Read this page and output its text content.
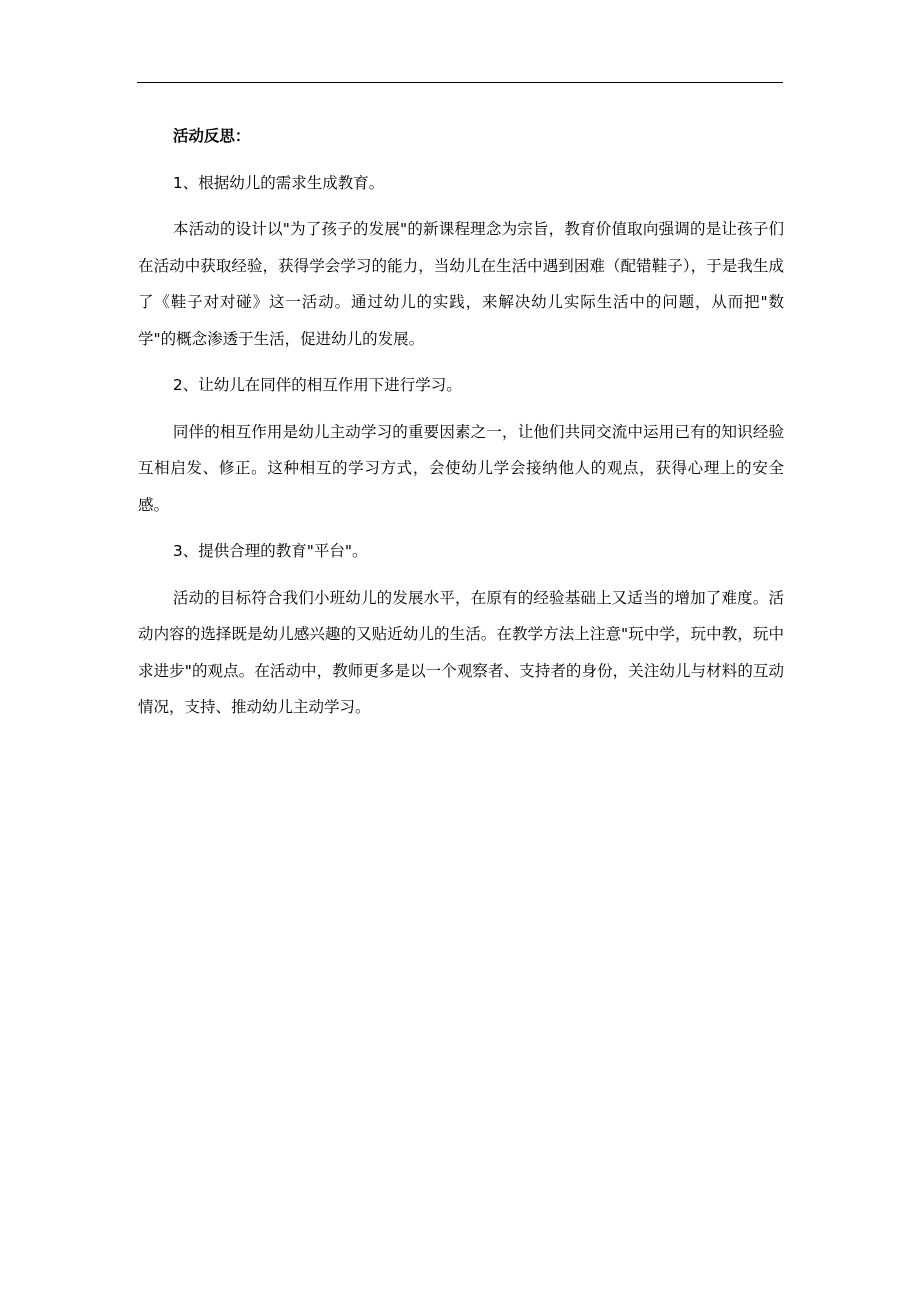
活动反思：

1、根据幼儿的需求生成教育。

本活动的设计以"为了孩子的发展"的新课程理念为宗旨，教育价值取向强调的是让孩子们在活动中获取经验，获得学会学习的能力，当幼儿在生活中遇到困难（配错鞋子），于是我生成了《鞋子对对碰》这一活动。通过幼儿的实践，来解决幼儿实际生活中的问题，从而把"数学"的概念渗透于生活，促进幼儿的发展。

2、让幼儿在同伴的相互作用下进行学习。

同伴的相互作用是幼儿主动学习的重要因素之一，让他们共同交流中运用已有的知识经验互相启发、修正。这种相互的学习方式，会使幼儿学会接纳他人的观点，获得心理上的安全感。

3、提供合理的教育"平台"。

活动的目标符合我们小班幼儿的发展水平，在原有的经验基础上又适当的增加了难度。活动内容的选择既是幼儿感兴趣的又贴近幼儿的生活。在教学方法上注意"玩中学，玩中教，玩中求进步"的观点。在活动中，教师更多是以一个观察者、支持者的身份，关注幼儿与材料的互动情况，支持、推动幼儿主动学习。
